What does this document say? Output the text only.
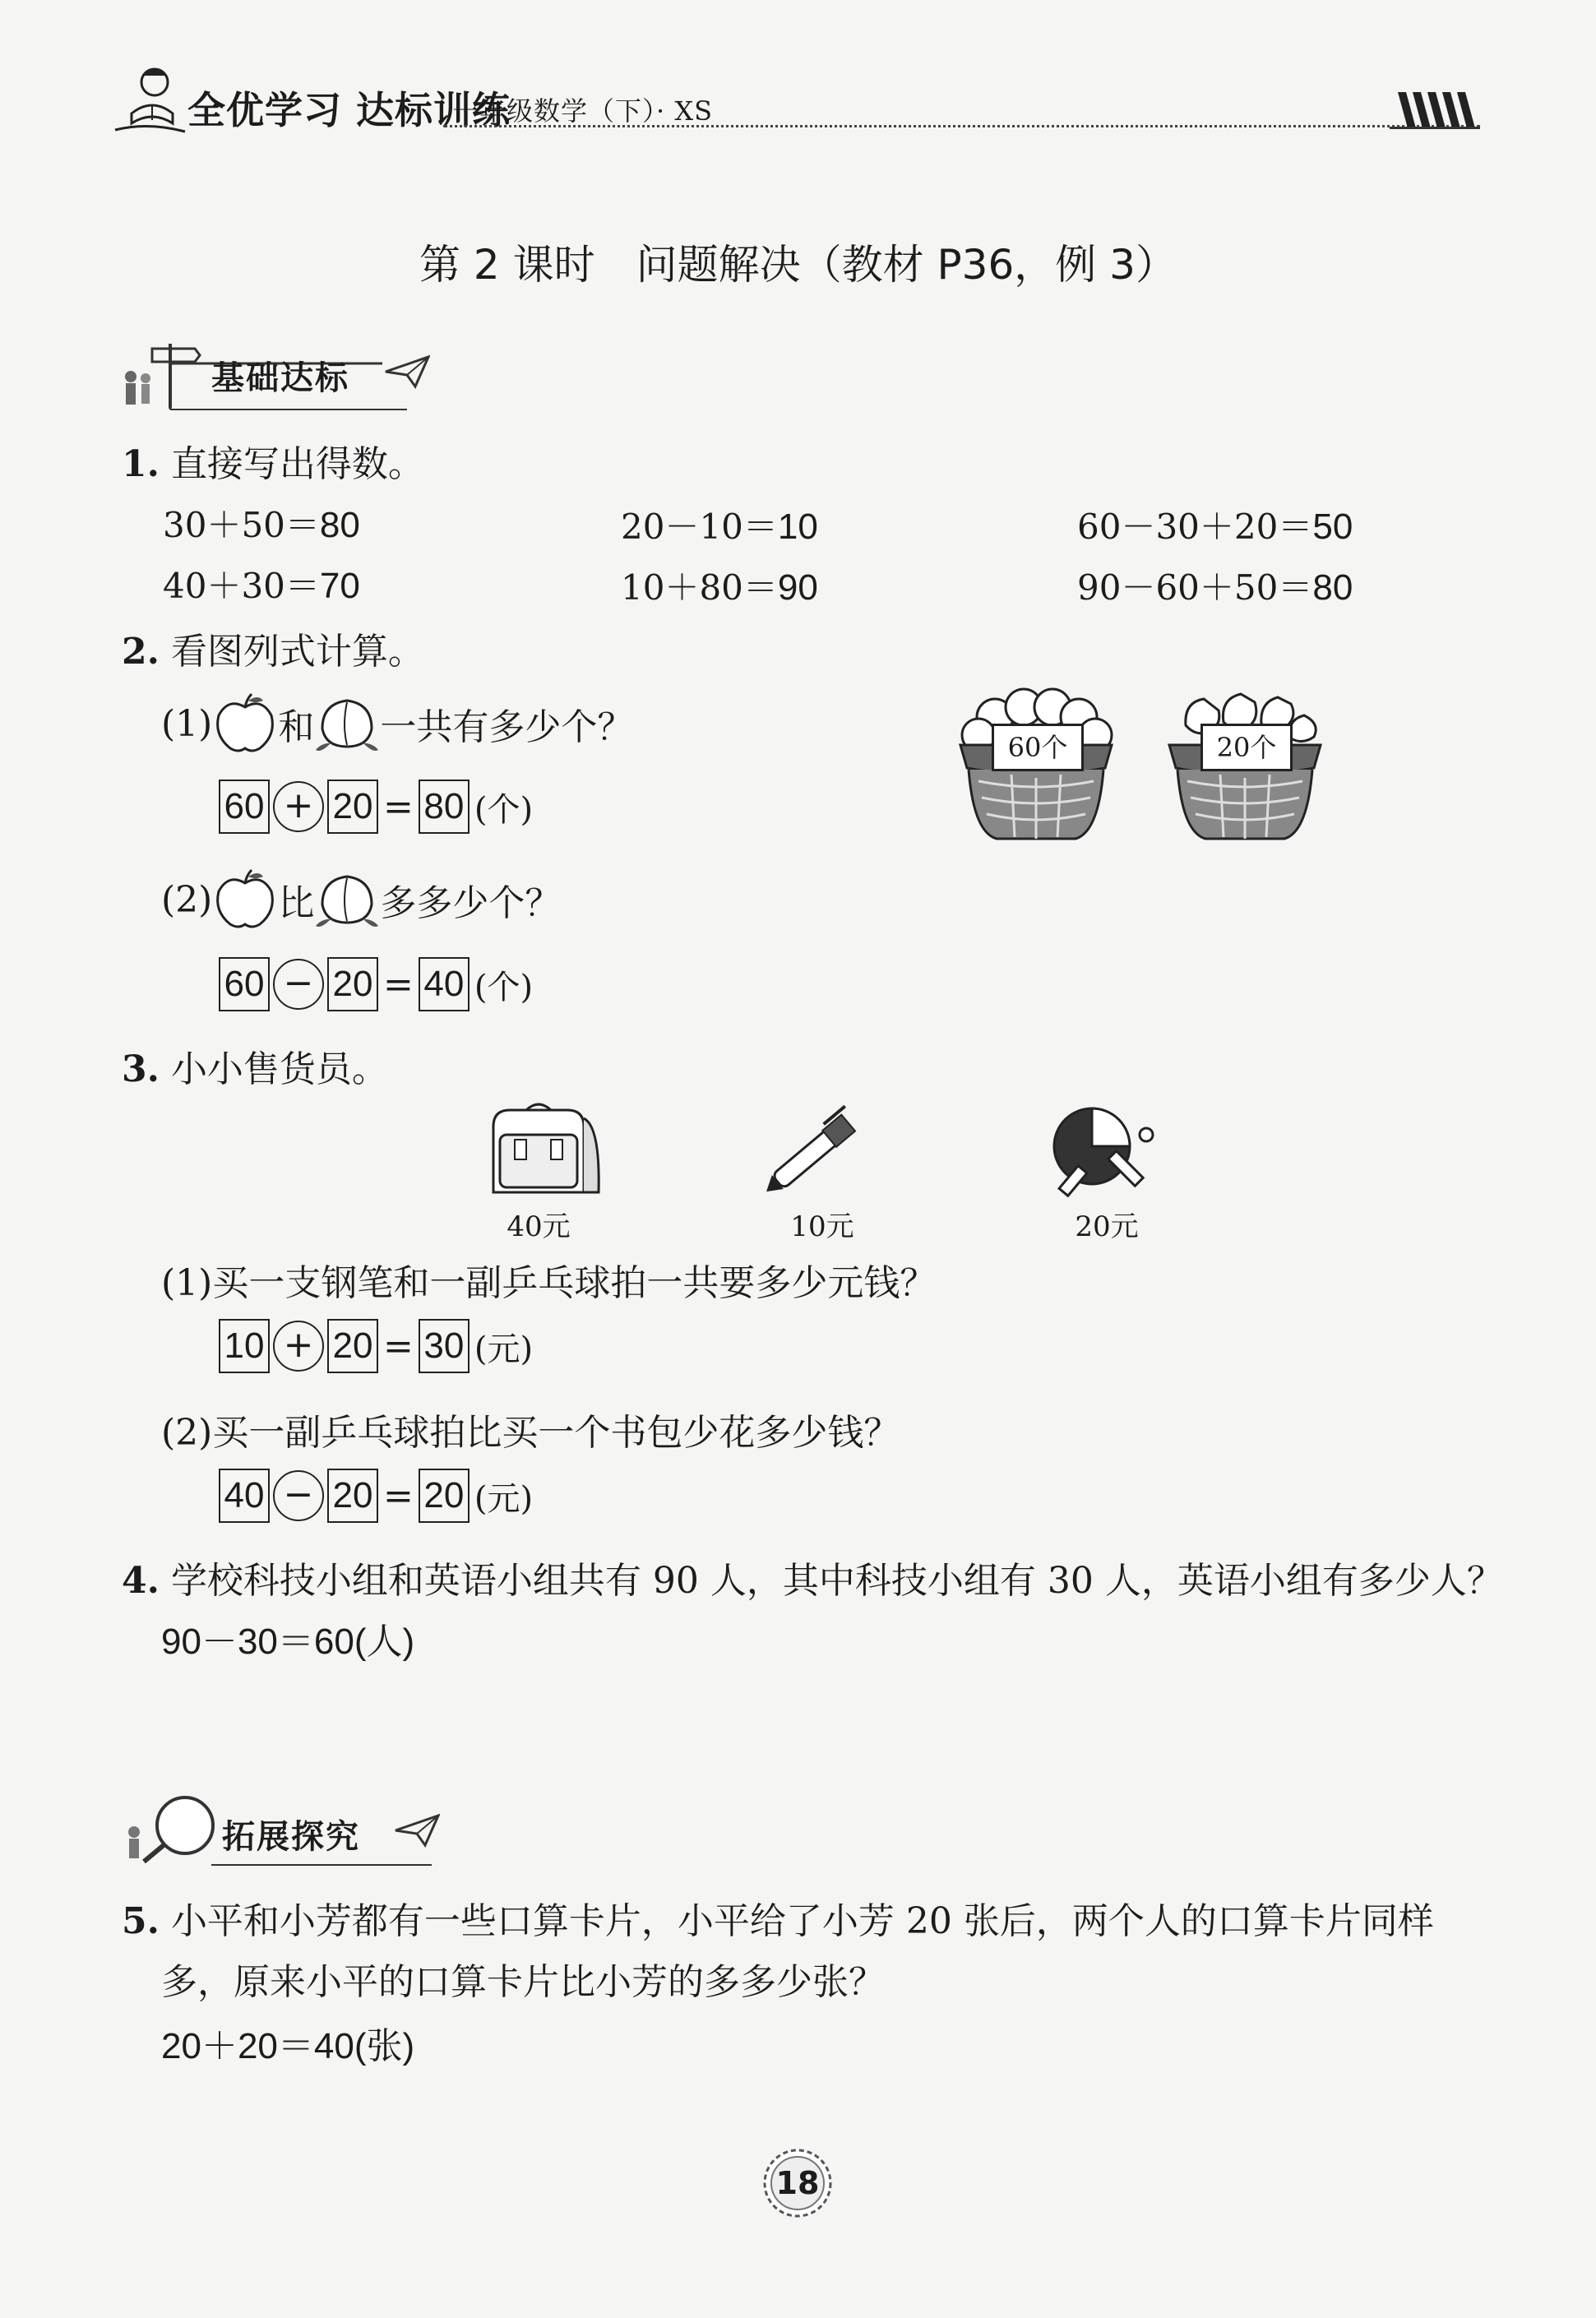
全优学习 达标训练
一年级数学（下）· XS
第 2 课时　问题解决（教材 P36，例 3）
基础达标
1. 直接写出得数。
30＋50＝80	20－10＝10	60－30＋20＝50
40＋30＝70	10＋80＝90	90－60＋50＝80
2. 看图列式计算。
(1) 和 一共有多少个？
60 + 20 = 80 (个)
(2) 比 多多少个？
60 − 20 = 40 (个)
60个	20个
3. 小小售货员。
40元	10元	20元
(1)买一支钢笔和一副乒乓球拍一共要多少元钱？
10 + 20 = 30 (元)
(2)买一副乒乓球拍比买一个书包少花多少钱？
40 − 20 = 20 (元)
4. 学校科技小组和英语小组共有 90 人，其中科技小组有 30 人，英语小组有多少人？
90－30＝60(人)
拓展探究
5. 小平和小芳都有一些口算卡片，小平给了小芳 20 张后，两个人的口算卡片同样
多，原来小平的口算卡片比小芳的多多少张？
20＋20＝40(张)
18
